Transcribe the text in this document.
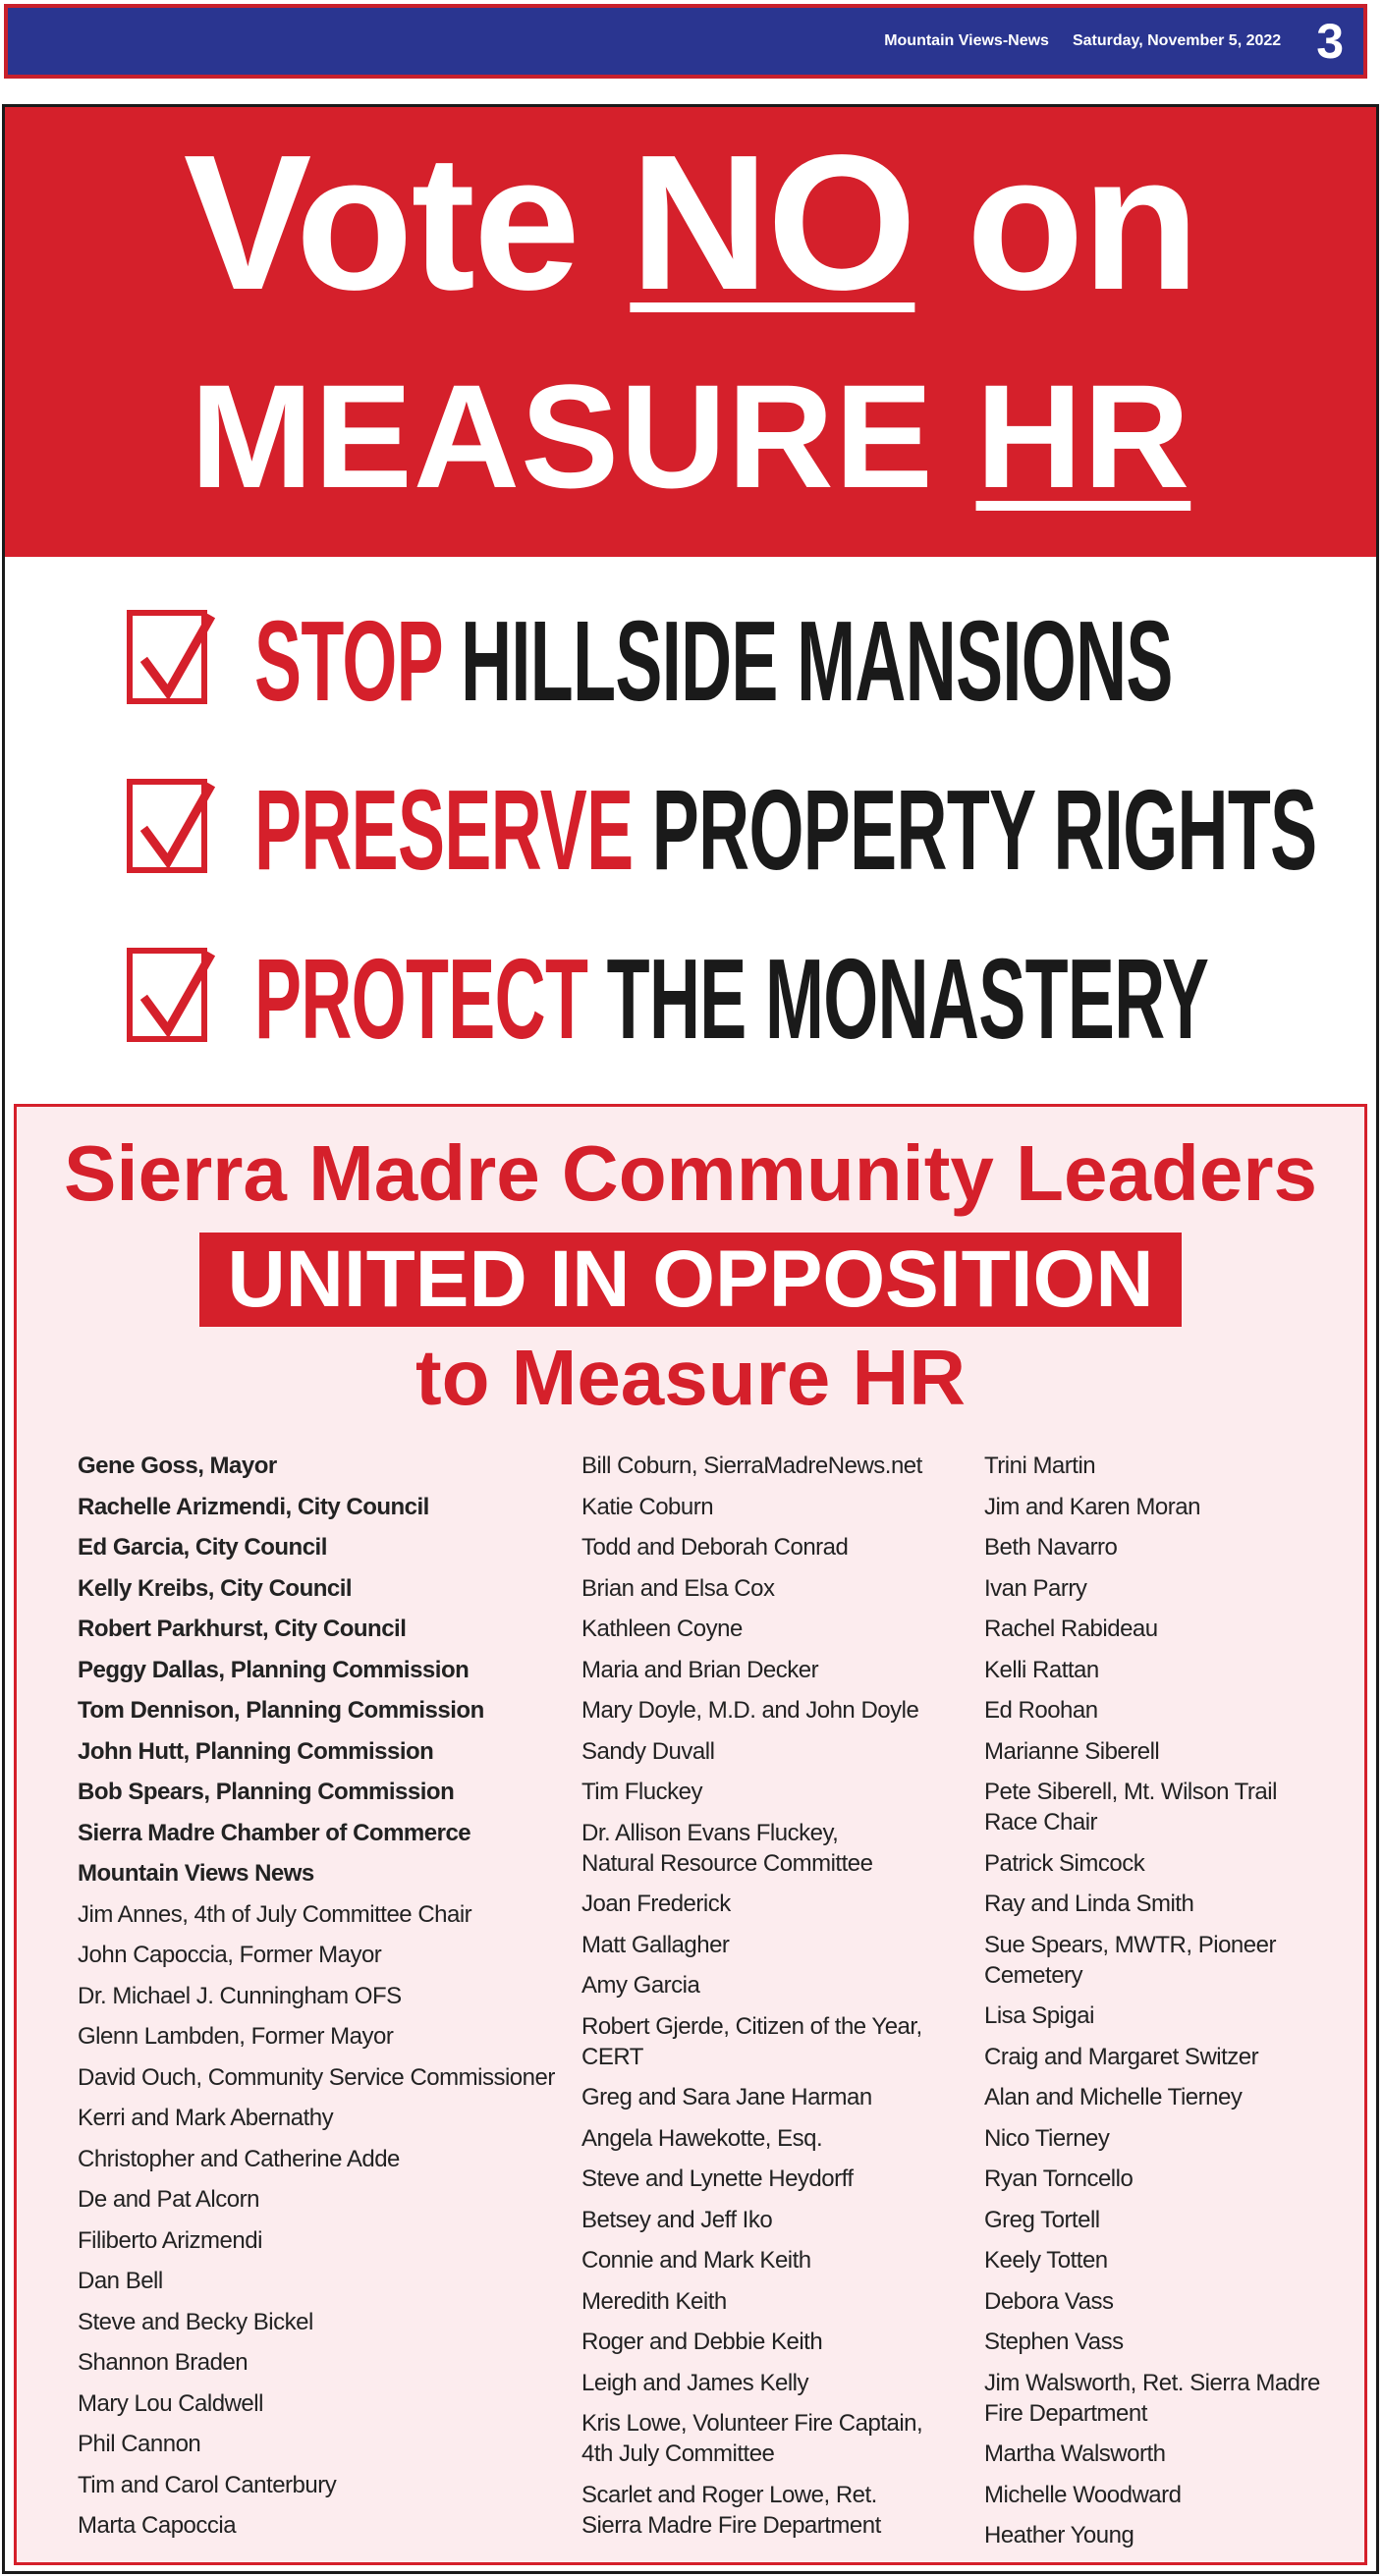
Mountain Views-News Saturday, November 5, 2022 3
Vote NO on
MEASURE HR
STOP HILLSIDE MANSIONS
PRESERVE PROPERTY RIGHTS
PROTECT THE MONASTERY
Sierra Madre Community Leaders
UNITED IN OPPOSITION
to Measure HR
Gene Goss, Mayor
Rachelle Arizmendi, City Council
Ed Garcia, City Council
Kelly Kreibs, City Council
Robert Parkhurst, City Council
Peggy Dallas, Planning Commission
Tom Dennison, Planning Commission
John Hutt, Planning Commission
Bob Spears, Planning Commission
Sierra Madre Chamber of Commerce
Mountain Views News
Jim Annes, 4th of July Committee Chair
John Capoccia, Former Mayor
Dr. Michael J. Cunningham OFS
Glenn Lambden, Former Mayor
David Ouch, Community Service Commissioner
Kerri and Mark Abernathy
Christopher and Catherine Adde
De and Pat Alcorn
Filiberto Arizmendi
Dan Bell
Steve and Becky Bickel
Shannon Braden
Mary Lou Caldwell
Phil Cannon
Tim and Carol Canterbury
Marta Capoccia
Bill Coburn, SierraMadreNews.net
Katie Coburn
Todd and Deborah Conrad
Brian and Elsa Cox
Kathleen Coyne
Maria and Brian Decker
Mary Doyle, M.D. and John Doyle
Sandy Duvall
Tim Fluckey
Dr. Allison Evans Fluckey,
Natural Resource Committee
Joan Frederick
Matt Gallagher
Amy Garcia
Robert Gjerde, Citizen of the Year,
CERT
Greg and Sara Jane Harman
Angela Hawekotte, Esq.
Steve and Lynette Heydorff
Betsey and Jeff Iko
Connie and Mark Keith
Meredith Keith
Roger and Debbie Keith
Leigh and James Kelly
Kris Lowe, Volunteer Fire Captain,
4th July Committee
Scarlet and Roger Lowe, Ret.
Sierra Madre Fire Department
Trini Martin
Jim and Karen Moran
Beth Navarro
Ivan Parry
Rachel Rabideau
Kelli Rattan
Ed Roohan
Marianne Siberell
Pete Siberell, Mt. Wilson Trail
Race Chair
Patrick Simcock
Ray and Linda Smith
Sue Spears, MWTR, Pioneer
Cemetery
Lisa Spigai
Craig and Margaret Switzer
Alan and Michelle Tierney
Nico Tierney
Ryan Torncello
Greg Tortell
Keely Totten
Debora Vass
Stephen Vass
Jim Walsworth, Ret. Sierra Madre
Fire Department
Martha Walsworth
Michelle Woodward
Heather Young
